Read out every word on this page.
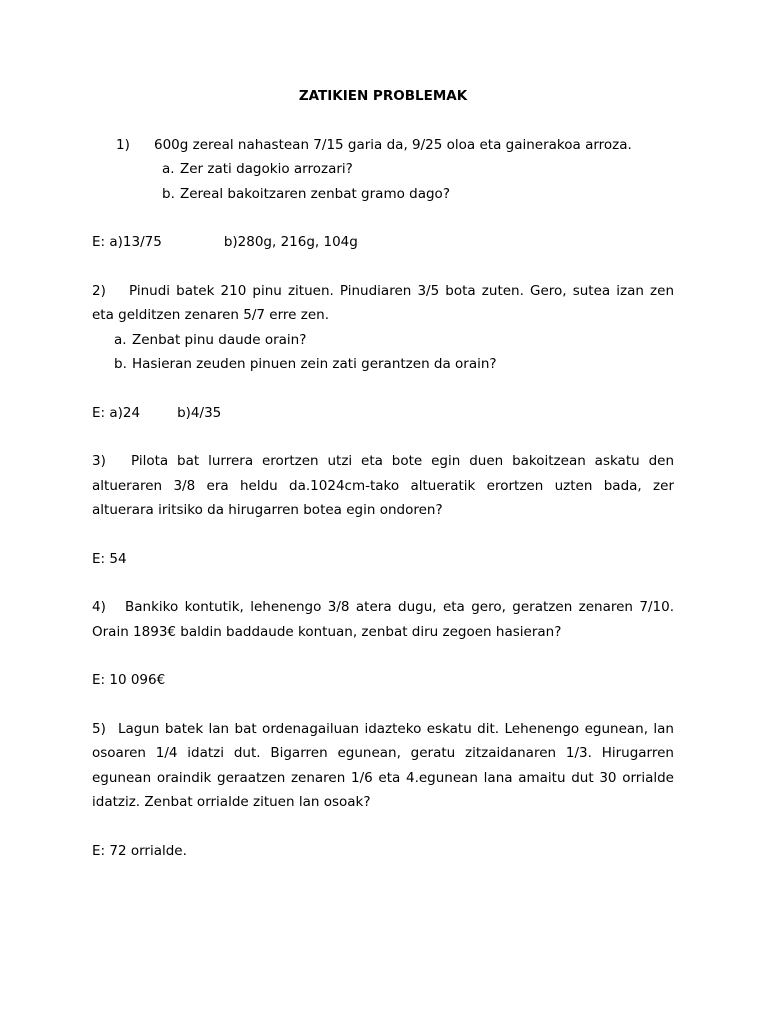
ZATIKIEN PROBLEMAK
1)	600g zereal nahastean 7/15 garia da, 9/25 oloa eta gainerakoa arroza.
a. Zer zati dagokio arrozari?
b. Zereal bakoitzaren zenbat gramo dago?
E: a)13/75	b)280g, 216g, 104g
2) Pinudi batek 210 pinu zituen. Pinudiaren 3/5 bota zuten. Gero, sutea izan zen eta gelditzen zenaren 5/7 erre zen.
a. Zenbat pinu daude orain?
b. Hasieran zeuden pinuen zein zati gerantzen da orain?
E: a)24	b)4/35
3) Pilota bat lurrera erortzen utzi eta bote egin duen bakoitzean askatu den altueraren 3/8 era heldu da.1024cm-tako altueratik erortzen uzten bada, zer altuerara iritsiko da hirugarren botea egin ondoren?
E: 54
4) Bankiko kontutik, lehenengo 3/8 atera dugu, eta gero, geratzen zenaren 7/10. Orain 1893€ baldin baddaude kontuan, zenbat diru zegoen hasieran?
E: 10 096€
5) Lagun batek lan bat ordenagailuan idazteko eskatu dit. Lehenengo egunean, lan osoaren 1/4 idatzi dut. Bigarren egunean, geratu zitzaidanaren 1/3. Hirugarren egunean oraindik geraatzen zenaren 1/6 eta 4.egunean lana amaitu dut 30 orrialde idatziz. Zenbat orrialde zituen lan osoak?
E: 72 orrialde.
